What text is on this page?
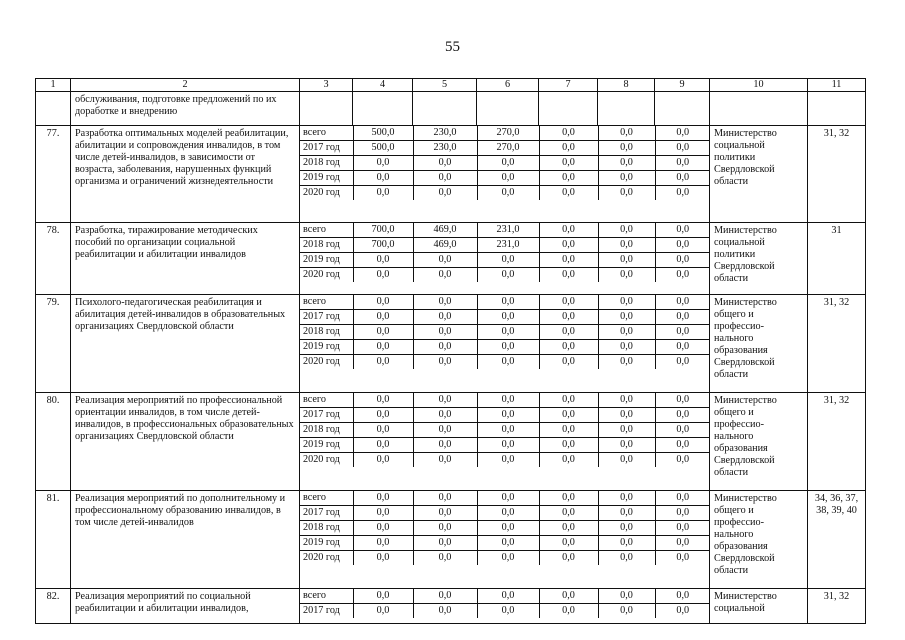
55
1	2	3	4	5	6	7	8	9	10	11
	обслуживания, подготовке предложений по их доработке и внедрению									
77.	Разработка оптимальных моделей реабилитации, абилитации и сопровождения инвалидов, в том числе детей-инвалидов, в зависимости от возраста, заболевания, нарушенных функций организма и ограничений жизнедеятельности	
всего	500,0	230,0	270,0	0,0	0,0	0,0
2017 год	500,0	230,0	270,0	0,0	0,0	0,0
2018 год	0,0	0,0	0,0	0,0	0,0	0,0
2019 год	0,0	0,0	0,0	0,0	0,0	0,0
2020 год	0,0	0,0	0,0	0,0	0,0	0,0
	Министерство социальной политики Свердловской области	31, 32
78.	Разработка, тиражирование методических пособий по организации социальной реабилитации и абилитации инвалидов	
всего	700,0	469,0	231,0	0,0	0,0	0,0
2018 год	700,0	469,0	231,0	0,0	0,0	0,0
2019 год	0,0	0,0	0,0	0,0	0,0	0,0
2020 год	0,0	0,0	0,0	0,0	0,0	0,0
	Министерство социальной политики Свердловской области	31
79.	Психолого-педагогическая реабилитация и абилитация детей-инвалидов в образовательных организациях Свердловской области	
всего	0,0	0,0	0,0	0,0	0,0	0,0
2017 год	0,0	0,0	0,0	0,0	0,0	0,0
2018 год	0,0	0,0	0,0	0,0	0,0	0,0
2019 год	0,0	0,0	0,0	0,0	0,0	0,0
2020 год	0,0	0,0	0,0	0,0	0,0	0,0
	Министерство общего и профессио- нального образования Свердловской области	31, 32
80.	Реализация мероприятий по профессиональной ориентации инвалидов, в том числе детей-инвалидов, в профессиональных образовательных организациях Свердловской области	
всего	0,0	0,0	0,0	0,0	0,0	0,0
2017 год	0,0	0,0	0,0	0,0	0,0	0,0
2018 год	0,0	0,0	0,0	0,0	0,0	0,0
2019 год	0,0	0,0	0,0	0,0	0,0	0,0
2020 год	0,0	0,0	0,0	0,0	0,0	0,0
	Министерство общего и профессио- нального образования Свердловской области	31, 32
81.	Реализация мероприятий по дополнительному и профессиональному образованию инвалидов, в том числе детей-инвалидов	
всего	0,0	0,0	0,0	0,0	0,0	0,0
2017 год	0,0	0,0	0,0	0,0	0,0	0,0
2018 год	0,0	0,0	0,0	0,0	0,0	0,0
2019 год	0,0	0,0	0,0	0,0	0,0	0,0
2020 год	0,0	0,0	0,0	0,0	0,0	0,0
	Министерство общего и профессио- нального образования Свердловской области	34, 36, 37, 38, 39, 40
82.	Реализация мероприятий по социальной реабилитации и абилитации инвалидов,	
всего	0,0	0,0	0,0	0,0	0,0	0,0
2017 год	0,0	0,0	0,0	0,0	0,0	0,0
	Министерство социальной	31, 32
